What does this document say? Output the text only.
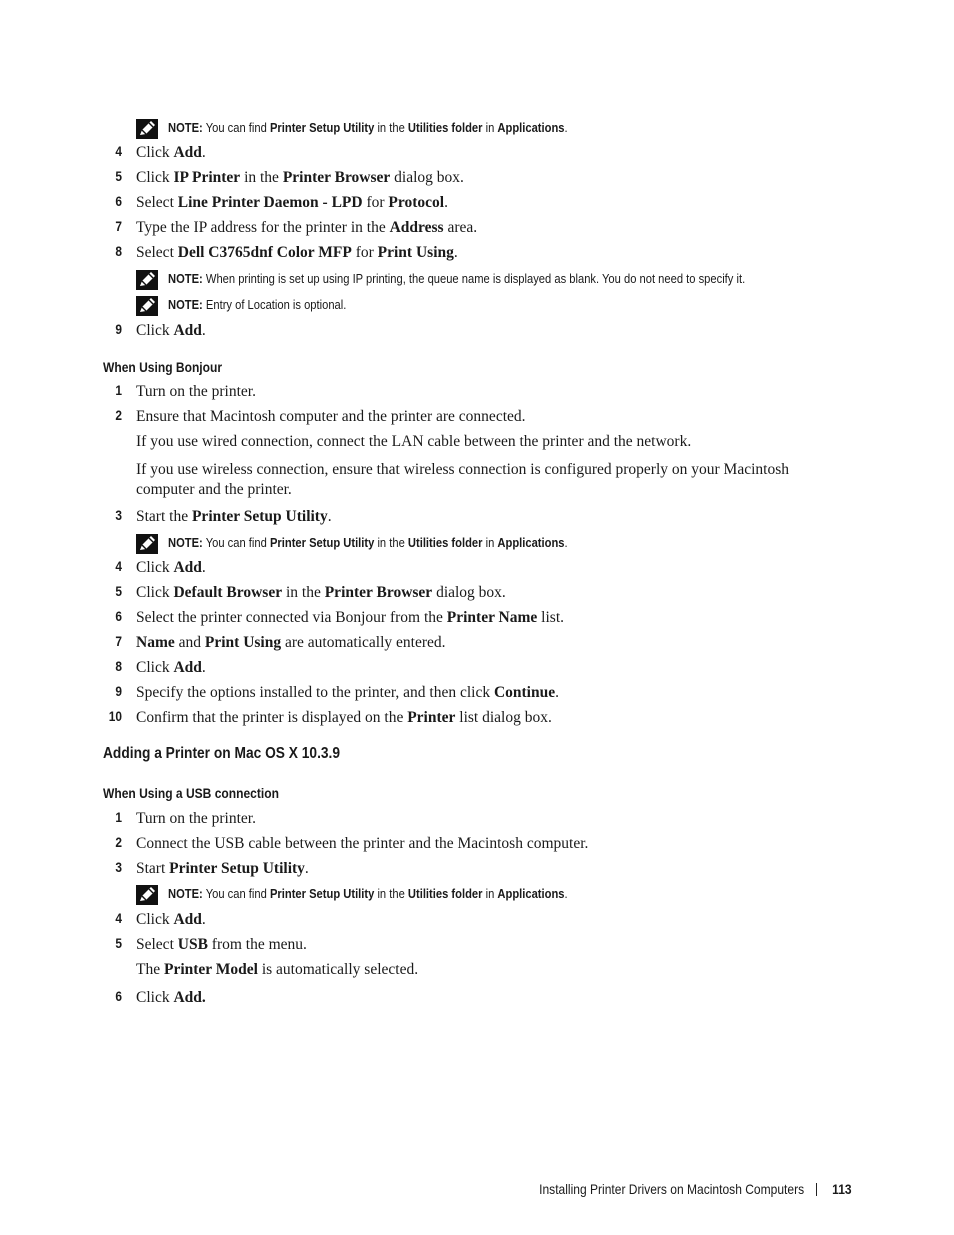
NOTE: You can find Printer Setup Utility in the Utilities folder in Applications.
4 Click Add.
5 Click IP Printer in the Printer Browser dialog box.
6 Select Line Printer Daemon - LPD for Protocol.
7 Type the IP address for the printer in the Address area.
8 Select Dell C3765dnf Color MFP for Print Using.
NOTE: When printing is set up using IP printing, the queue name is displayed as blank. You do not need to specify it.
NOTE: Entry of Location is optional.
9 Click Add.
When Using Bonjour
1 Turn on the printer.
2 Ensure that Macintosh computer and the printer are connected.
If you use wired connection, connect the LAN cable between the printer and the network.
If you use wireless connection, ensure that wireless connection is configured properly on your Macintosh computer and the printer.
3 Start the Printer Setup Utility.
NOTE: You can find Printer Setup Utility in the Utilities folder in Applications.
4 Click Add.
5 Click Default Browser in the Printer Browser dialog box.
6 Select the printer connected via Bonjour from the Printer Name list.
7 Name and Print Using are automatically entered.
8 Click Add.
9 Specify the options installed to the printer, and then click Continue.
10 Confirm that the printer is displayed on the Printer list dialog box.
Adding a Printer on Mac OS X 10.3.9
When Using a USB connection
1 Turn on the printer.
2 Connect the USB cable between the printer and the Macintosh computer.
3 Start Printer Setup Utility.
NOTE: You can find Printer Setup Utility in the Utilities folder in Applications.
4 Click Add.
5 Select USB from the menu.
The Printer Model is automatically selected.
6 Click Add.
Installing Printer Drivers on Macintosh Computers 113
